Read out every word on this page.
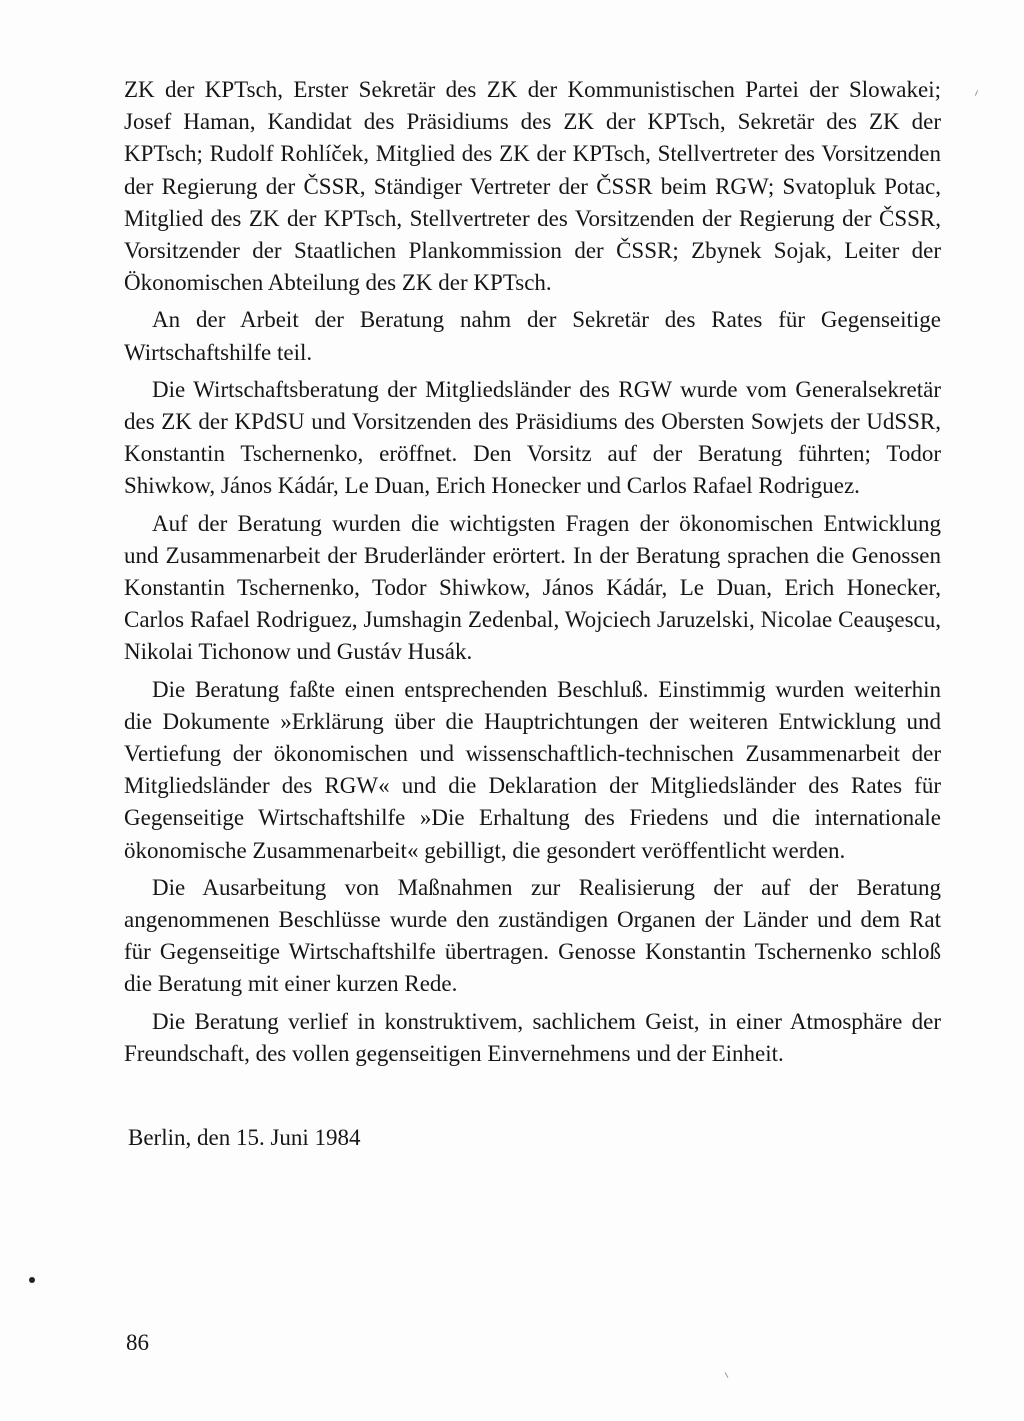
ZK der KPTsch, Erster Sekretär des ZK der Kommunistischen Partei der Slowakei; Josef Haman, Kandidat des Präsidiums des ZK der KPTsch, Sekretär des ZK der KPTsch; Rudolf Rohlíček, Mitglied des ZK der KPTsch, Stellvertreter des Vorsitzenden der Regierung der ČSSR, Ständiger Vertreter der ČSSR beim RGW; Svatopluk Potac, Mitglied des ZK der KPTsch, Stellvertreter des Vorsitzenden der Regierung der ČSSR, Vorsitzender der Staatlichen Plankommission der ČSSR; Zbynek Sojak, Leiter der Ökonomischen Abteilung des ZK der KPTsch.

An der Arbeit der Beratung nahm der Sekretär des Rates für Gegenseitige Wirtschaftshilfe teil.

Die Wirtschaftsberatung der Mitgliedsländer des RGW wurde vom Generalsekretär des ZK der KPdSU und Vorsitzenden des Präsidiums des Obersten Sowjets der UdSSR, Konstantin Tschernenko, eröffnet. Den Vorsitz auf der Beratung führten; Todor Shiwkow, János Kádár, Le Duan, Erich Honecker und Carlos Rafael Rodriguez.

Auf der Beratung wurden die wichtigsten Fragen der ökonomischen Entwicklung und Zusammenarbeit der Bruderländer erörtert. In der Beratung sprachen die Genossen Konstantin Tschernenko, Todor Shiwkow, János Kádár, Le Duan, Erich Honecker, Carlos Rafael Rodriguez, Jumshagin Zedenbal, Wojciech Jaruzelski, Nicolae Ceauşescu, Nikolai Tichonow und Gustáv Husák.

Die Beratung faßte einen entsprechenden Beschluß. Einstimmig wurden weiterhin die Dokumente »Erklärung über die Hauptrichtungen der weiteren Entwicklung und Vertiefung der ökonomischen und wissenschaftlich-technischen Zusammenarbeit der Mitgliedsländer des RGW« und die Deklaration der Mitgliedsländer des Rates für Gegenseitige Wirtschaftshilfe »Die Erhaltung des Friedens und die internationale ökonomische Zusammenarbeit« gebilligt, die gesondert veröffentlicht werden.

Die Ausarbeitung von Maßnahmen zur Realisierung der auf der Beratung angenommenen Beschlüsse wurde den zuständigen Organen der Länder und dem Rat für Gegenseitige Wirtschaftshilfe übertragen. Genosse Konstantin Tschernenko schloß die Beratung mit einer kurzen Rede.

Die Beratung verlief in konstruktivem, sachlichem Geist, in einer Atmosphäre der Freundschaft, des vollen gegenseitigen Einvernehmens und der Einheit.

Berlin, den 15. Juni 1984
86
